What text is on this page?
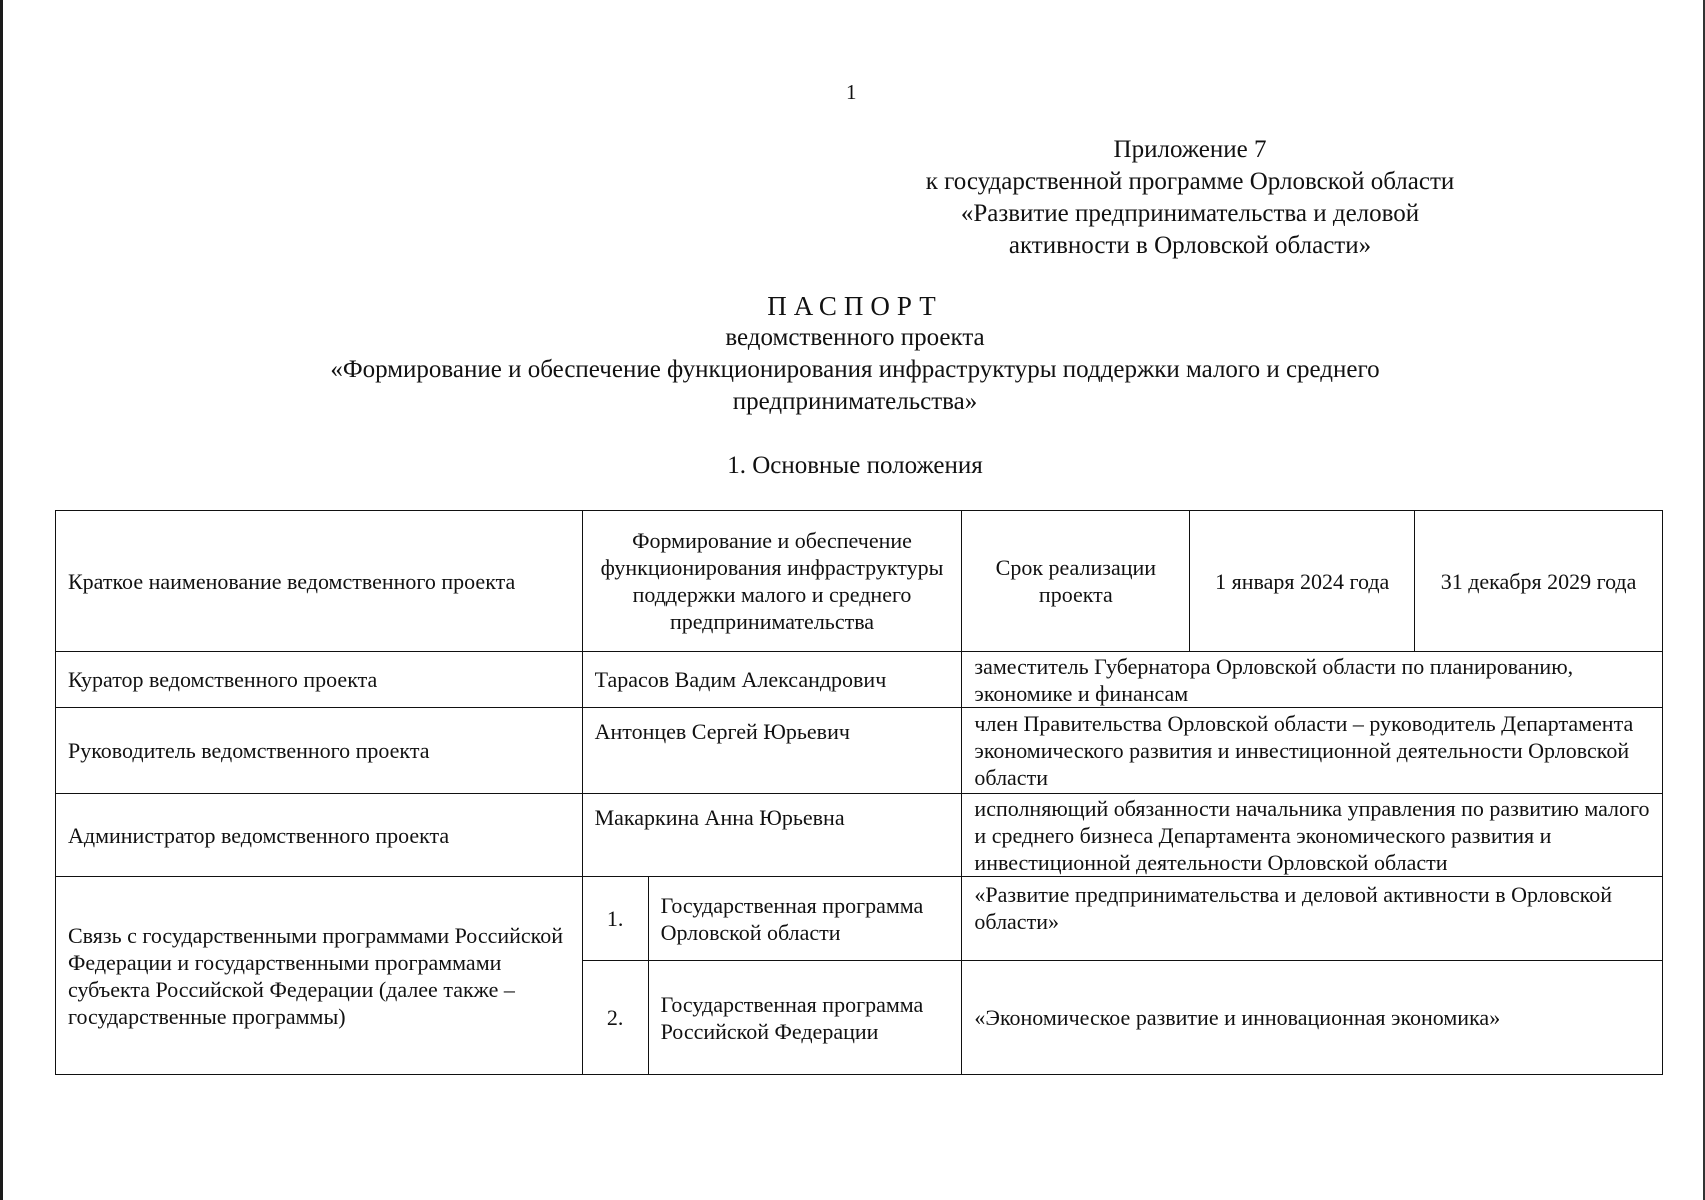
1
Приложение 7
к государственной программе Орловской области
«Развитие предпринимательства и деловой
активности в Орловской области»
ПАСПОРТ
ведомственного проекта
«Формирование и обеспечение функционирования инфраструктуры поддержки малого и среднего
предпринимательства»
1. Основные положения
Краткое наименование ведомственного проекта	Формирование и обеспечение функционирования инфраструктуры поддержки малого и среднего предпринимательства		Срок реализации проекта	1 января 2024 года	31 декабря 2029 года
Куратор ведомственного проекта	Тарасов Вадим Александрович		заместитель Губернатора Орловской области по планированию, экономике и финансам		
Руководитель ведомственного проекта	Антонцев Сергей Юрьевич		член Правительства Орловской области – руководитель Департамента экономического развития и инвестиционной деятельности Орловской области		
Администратор ведомственного проекта	Макаркина Анна Юрьевна		исполняющий обязанности начальника управления по развитию малого и среднего бизнеса Департамента экономического развития и инвестиционной деятельности Орловской области		
Связь с государственными программами Российской Федерации и государственными программами субъекта Российской Федерации (далее также – государственные программы)	1.	Государственная программа Орловской области	«Развитие предпринимательства и деловой активности в Орловской области»		
	2.	Государственная программа Российской Федерации	«Экономическое развитие и инновационная экономика»		
